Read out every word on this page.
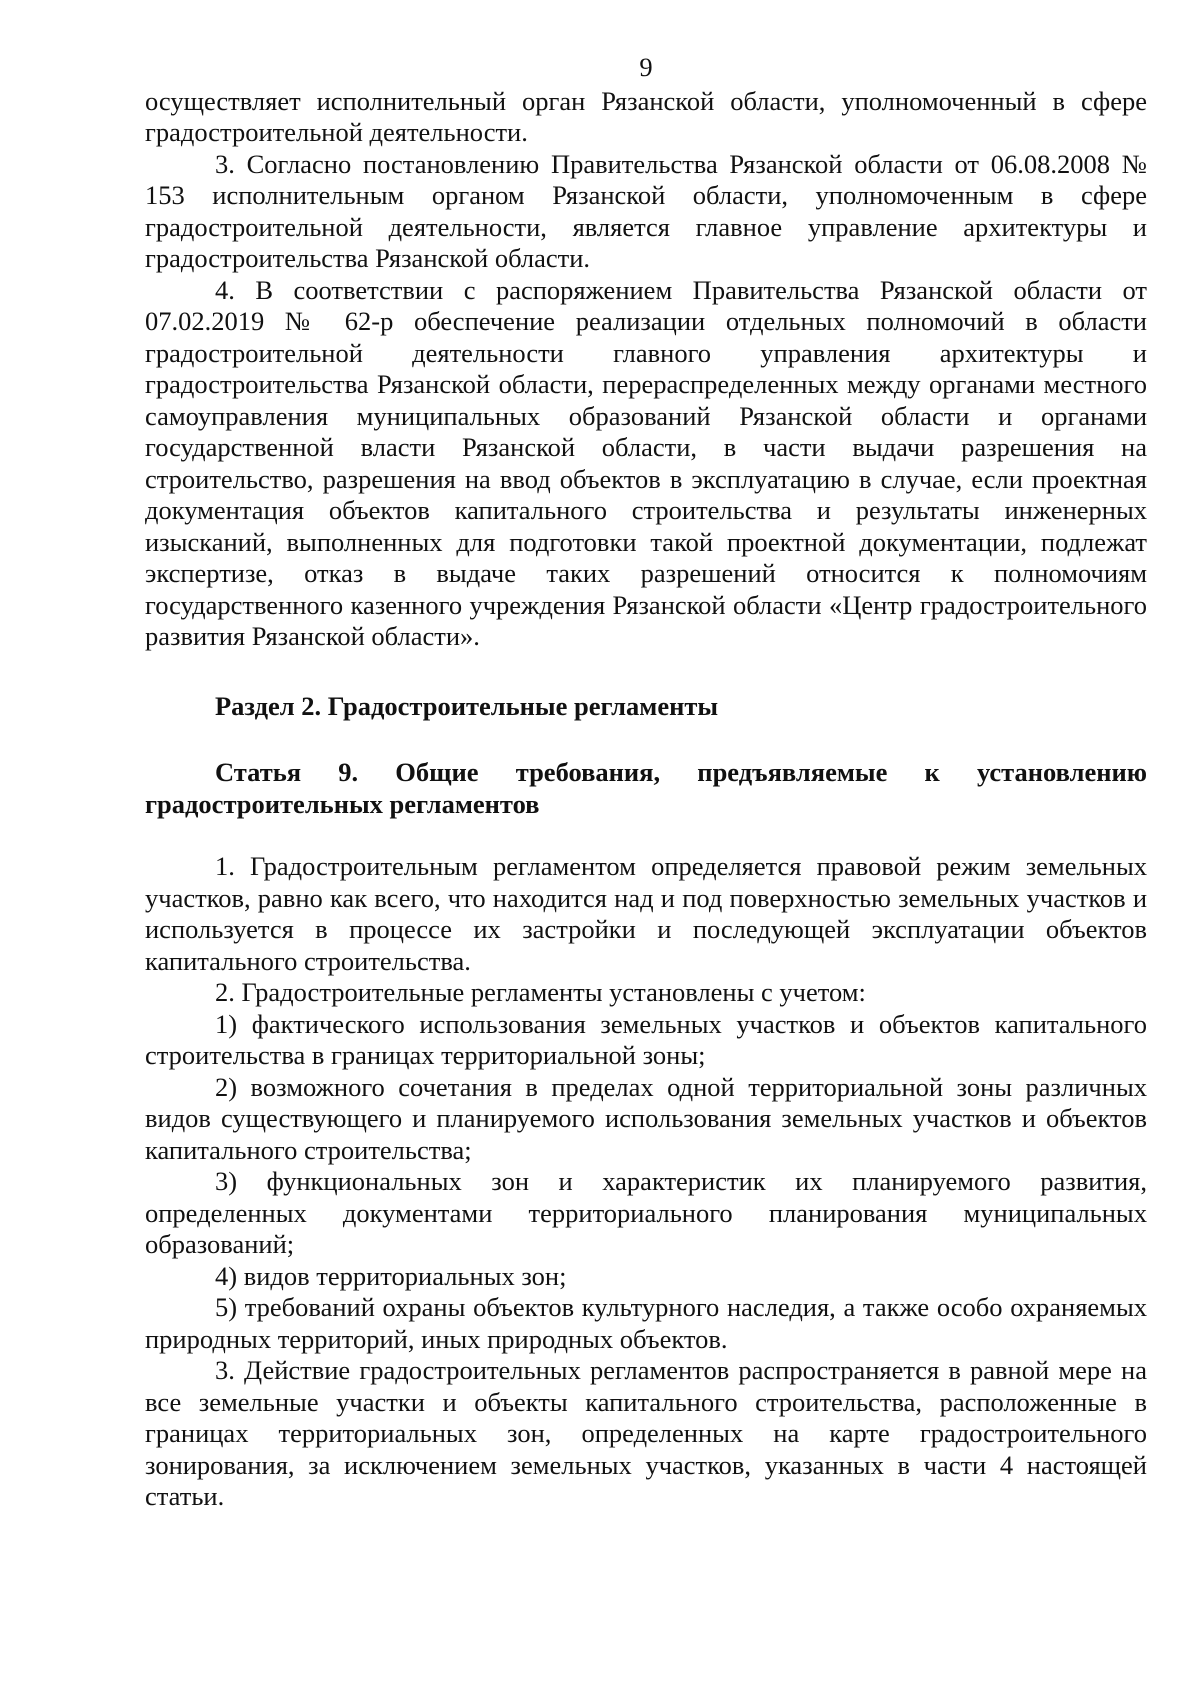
9

осуществляет исполнительный орган Рязанской области, уполномоченный в сфере градостроительной деятельности.

3. Согласно постановлению Правительства Рязанской области от 06.08.2008 № 153 исполнительным органом Рязанской области, уполномоченным в сфере градостроительной деятельности, является главное управление архитектуры и градостроительства Рязанской области.

4. В соответствии с распоряжением Правительства Рязанской области от 07.02.2019 № 62-р обеспечение реализации отдельных полномочий в области градостроительной деятельности главного управления архитектуры и градостроительства Рязанской области, перераспределенных между органами местного самоуправления муниципальных образований Рязанской области и органами государственной власти Рязанской области, в части выдачи разрешения на строительство, разрешения на ввод объектов в эксплуатацию в случае, если проектная документация объектов капитального строительства и результаты инженерных изысканий, выполненных для подготовки такой проектной документации, подлежат экспертизе, отказ в выдаче таких разрешений относится к полномочиям государственного казенного учреждения Рязанской области «Центр градостроительного развития Рязанской области».

Раздел 2. Градостроительные регламенты

Статья 9. Общие требования, предъявляемые к установлению градостроительных регламентов

1. Градостроительным регламентом определяется правовой режим земельных участков, равно как всего, что находится над и под поверхностью земельных участков и используется в процессе их застройки и последующей эксплуатации объектов капитального строительства.

2. Градостроительные регламенты установлены с учетом:

1) фактического использования земельных участков и объектов капитального строительства в границах территориальной зоны;

2) возможного сочетания в пределах одной территориальной зоны различных видов существующего и планируемого использования земельных участков и объектов капитального строительства;

3) функциональных зон и характеристик их планируемого развития, определенных документами территориального планирования муниципальных образований;

4) видов территориальных зон;

5) требований охраны объектов культурного наследия, а также особо охраняемых природных территорий, иных природных объектов.

3. Действие градостроительных регламентов распространяется в равной мере на все земельные участки и объекты капитального строительства, расположенные в границах территориальных зон, определенных на карте градостроительного зонирования, за исключением земельных участков, указанных в части 4 настоящей статьи.
